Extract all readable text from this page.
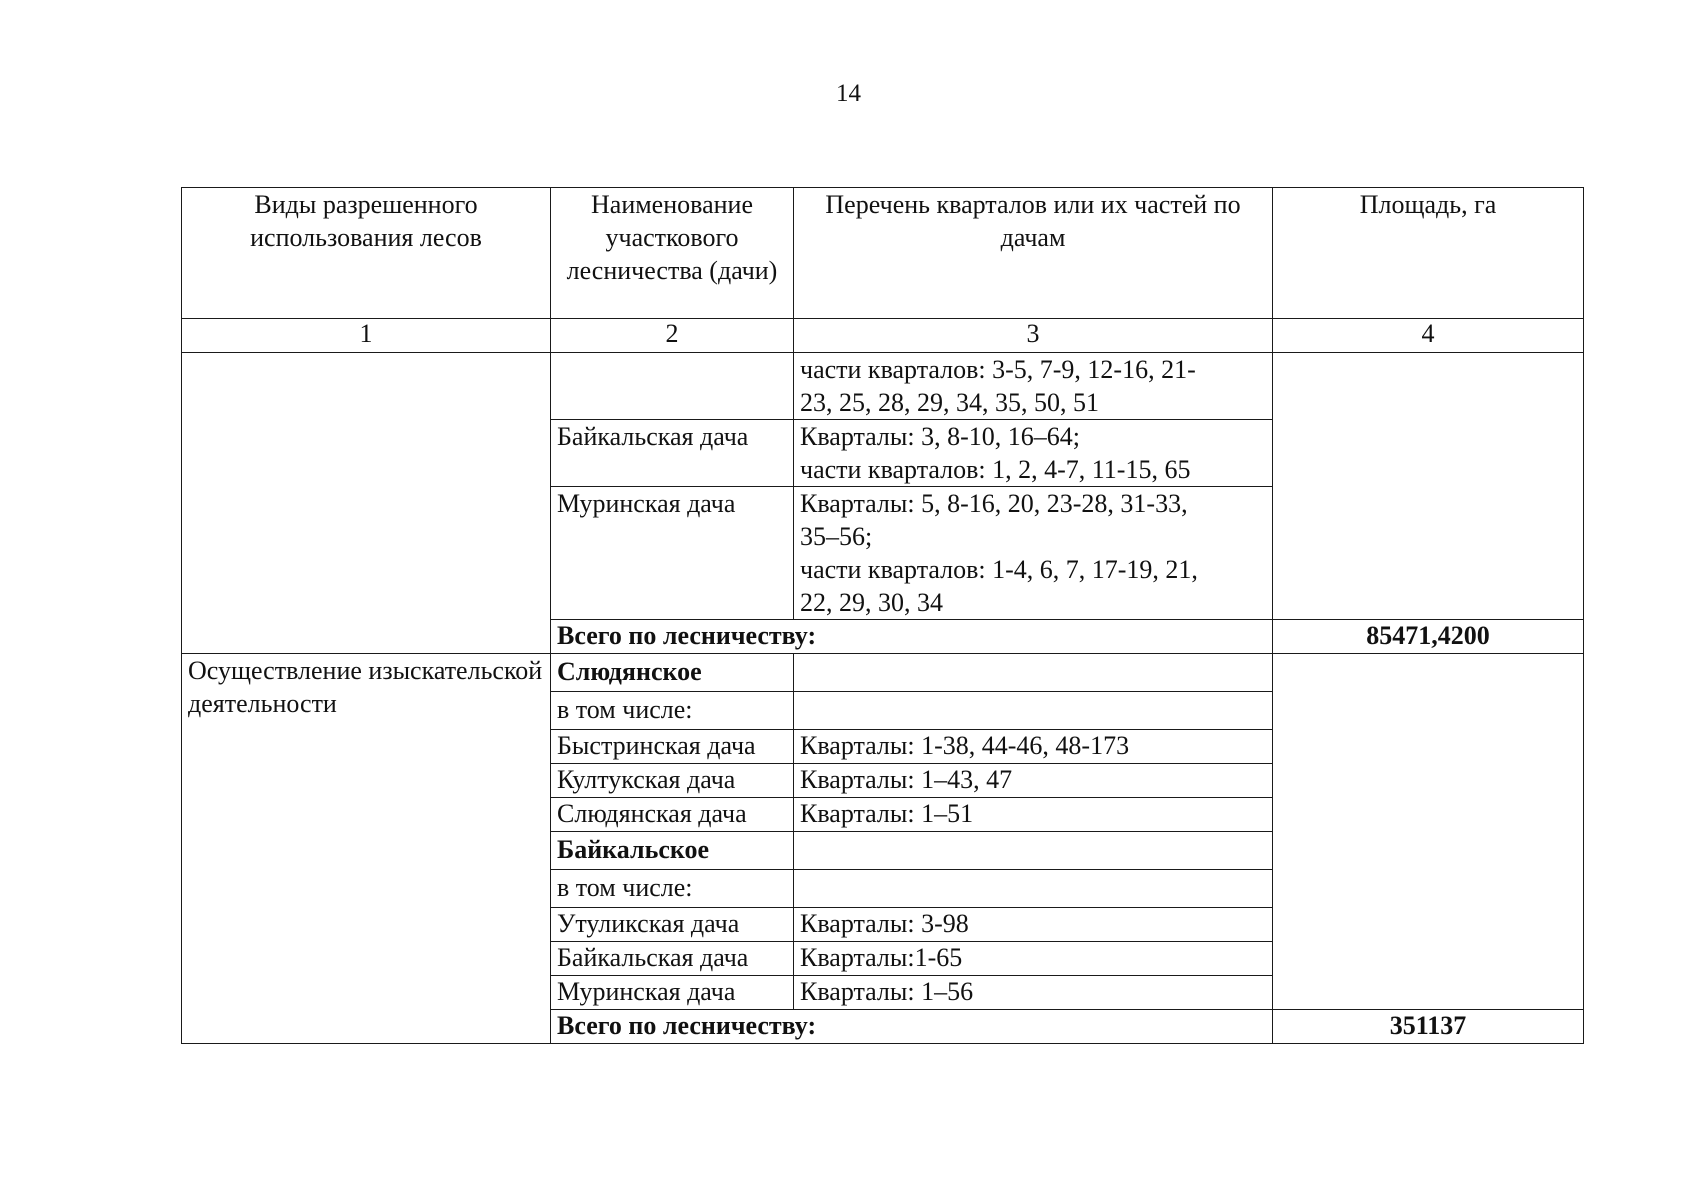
14
Виды разрешенного использования лесов	Наименование участкового лесничества (дачи)	Перечень кварталов или их частей по дачам	Площадь, га
1	2	3	4

		части кварталов: 3-5, 7-9, 12-16, 21-
23, 25, 28, 29, 34, 35, 50, 51	

	Байкальская дача	Кварталы: 3, 8-10, 16–64;
части кварталов: 1, 2, 4-7, 11-15, 65	

	Муринская дача	Кварталы: 5, 8-16, 20, 23-28, 31-33,
35–56;
части кварталов: 1-4, 6, 7, 17-19, 21,
22, 29, 30, 34	

	Всего по лесничеству:		85471,4200
Осуществление изыскательской деятельности	Слюдянское		
	в том числе:		
	Быстринская дача	Кварталы: 1-38, 44-46, 48-173	
	Култукская дача	Кварталы: 1–43, 47	
	Слюдянская дача	Кварталы: 1–51	
	Байкальское		
	в том числе:		
	Утуликская дача	Кварталы: 3-98	
	Байкальская дача	Кварталы:1-65	
	Муринская дача	Кварталы: 1–56	
	Всего по лесничеству:		351137
